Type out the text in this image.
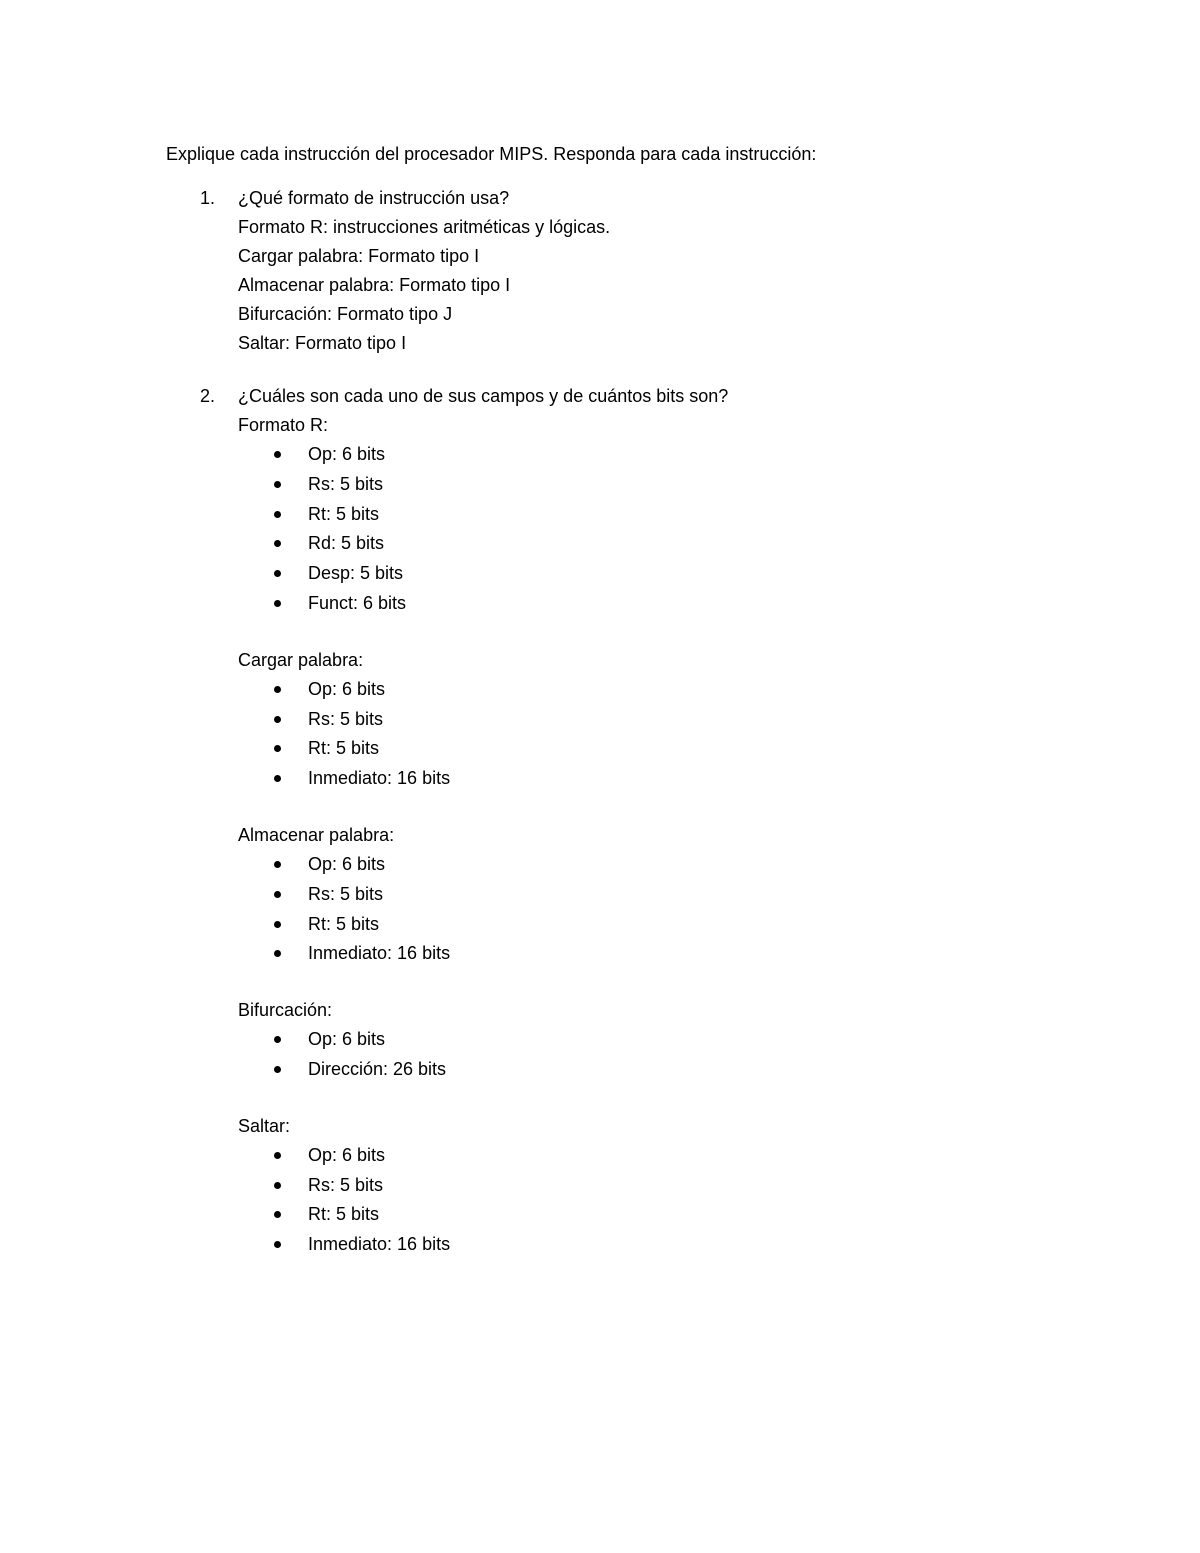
Explique cada instrucción del procesador MIPS. Responda para cada instrucción:
1. ¿Qué formato de instrucción usa?
Formato R: instrucciones aritméticas y lógicas.
Cargar palabra: Formato tipo I
Almacenar palabra: Formato tipo I
Bifurcación: Formato tipo J
Saltar: Formato tipo I
2. ¿Cuáles son cada uno de sus campos y de cuántos bits son?
Formato R:
Op: 6 bits
Rs: 5 bits
Rt: 5 bits
Rd: 5 bits
Desp: 5 bits
Funct: 6 bits
Cargar palabra:
Op: 6 bits
Rs: 5 bits
Rt: 5 bits
Inmediato: 16 bits
Almacenar palabra:
Op: 6 bits
Rs: 5 bits
Rt: 5 bits
Inmediato: 16 bits
Bifurcación:
Op: 6 bits
Dirección: 26 bits
Saltar:
Op: 6 bits
Rs: 5 bits
Rt: 5 bits
Inmediato: 16 bits
